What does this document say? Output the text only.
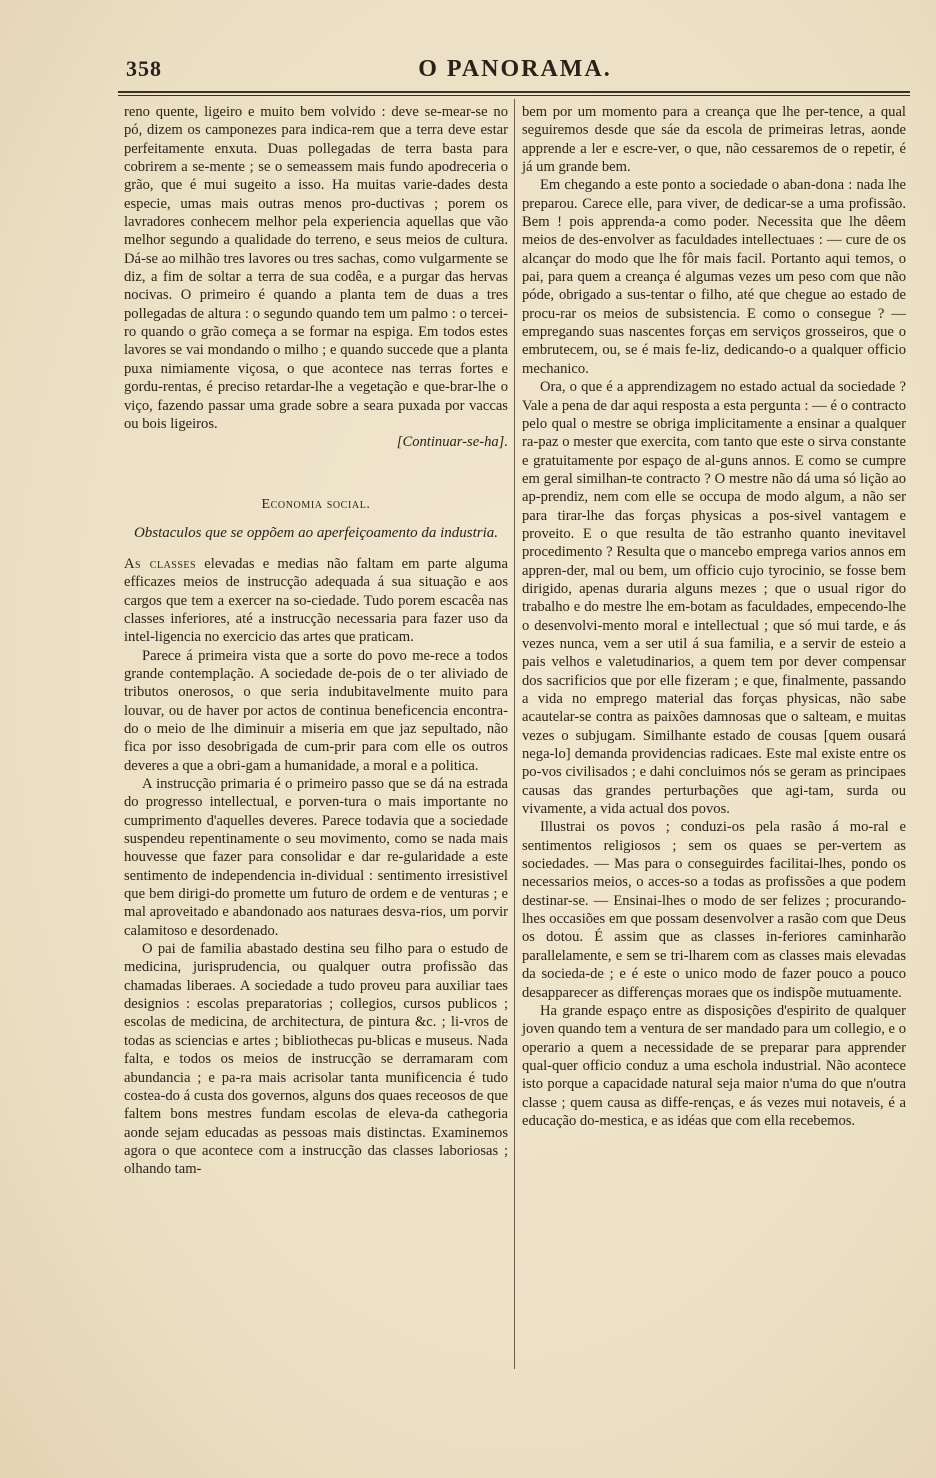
358	O PANORAMA.

reno quente, ligeiro e muito bem volvido : deve se-mear-se no pó, dizem os camponezes para indica-rem que a terra deve estar perfeitamente enxuta. Duas pollegadas de terra basta para cobrirem a se-mente ; se o semeassem mais fundo apodreceria o grão, que é mui sugeito a isso. Ha muitas varie-dades desta especie, umas mais outras menos pro-ductivas ; porem os lavradores conhecem melhor pela experiencia aquellas que vão melhor segundo a qualidade do terreno, e seus meios de cultura. Dá-se ao milhão tres lavores ou tres sachas, como vulgarmente se diz, a fim de soltar a terra de sua codêa, e a purgar das hervas nocivas. O primeiro é quando a planta tem de duas a tres pollegadas de altura : o segundo quando tem um palmo : o tercei-ro quando o grão começa a se formar na espiga. Em todos estes lavores se vai mondando o milho ; e quando succede que a planta puxa nimiamente viçosa, o que acontece nas terras fortes e gordu-rentas, é preciso retardar-lhe a vegetação e que-brar-lhe o viço, fazendo passar uma grade sobre a seara puxada por vaccas ou bois ligeiros.

[Continuar-se-ha].

Economia social.
Obstaculos que se oppõem ao aperfeiçoamento da industria.

As classes elevadas e medias não faltam em parte alguma efficazes meios de instrucção adequada á sua situação e aos cargos que tem a exercer na so-ciedade. Tudo porem escacêa nas classes inferiores, até a instrucção necessaria para fazer uso da intel-ligencia no exercicio das artes que praticam.

Parece á primeira vista que a sorte do povo me-rece a todos grande contemplação. A sociedade de-pois de o ter aliviado de tributos onerosos, o que seria indubitavelmente muito para louvar, ou de haver por actos de continua beneficencia encontra-do o meio de lhe diminuir a miseria em que jaz sepultado, não fica por isso desobrigada de cum-prir para com elle os outros deveres a que a obri-gam a humanidade, a moral e a politica.

A instrucção primaria é o primeiro passo que se dá na estrada do progresso intellectual, e porven-tura o mais importante no cumprimento d'aquelles deveres. Parece todavia que a sociedade suspendeu repentinamente o seu movimento, como se nada mais houvesse que fazer para consolidar e dar re-gularidade a este sentimento de independencia in-dividual : sentimento irresistivel que bem dirigi-do promette um futuro de ordem e de venturas ; e mal aproveitado e abandonado aos naturaes desva-rios, um porvir calamitoso e desordenado.

O pai de familia abastado destina seu filho para o estudo de medicina, jurisprudencia, ou qualquer outra profissão das chamadas liberaes. A sociedade a tudo proveu para auxiliar taes designios : escolas preparatorias ; collegios, cursos publicos ; escolas de medicina, de architectura, de pintura &c. ; li-vros de todas as sciencias e artes ; bibliothecas pu-blicas e museus. Nada falta, e todos os meios de instrucção se derramaram com abundancia ; e pa-ra mais acrisolar tanta munificencia é tudo costea-do á custa dos governos, alguns dos quaes receosos de que faltem bons mestres fundam escolas de eleva-da cathegoria aonde sejam educadas as pessoas mais distinctas. Examinemos agora o que acontece com a instrucção das classes laboriosas ; olhando tam-

bem por um momento para a creança que lhe per-tence, a qual seguiremos desde que sáe da escola de primeiras letras, aonde apprende a ler e escre-ver, o que, não cessaremos de o repetir, é já um grande bem.

Em chegando a este ponto a sociedade o aban-dona : nada lhe preparou. Carece elle, para viver, de dedicar-se a uma profissão. Bem ! pois apprenda-a como poder. Necessita que lhe dêem meios de des-envolver as faculdades intellectuaes : — cure de os alcançar do modo que lhe fôr mais facil. Portanto aqui temos, o pai, para quem a creança é algumas vezes um peso com que não póde, obrigado a sus-tentar o filho, até que chegue ao estado de procu-rar os meios de subsistencia. E como o consegue ? — empregando suas nascentes forças em serviços grosseiros, que o embrutecem, ou, se é mais fe-liz, dedicando-o a qualquer officio mechanico.

Ora, o que é a apprendizagem no estado actual da sociedade ? Vale a pena de dar aqui resposta a esta pergunta : — é o contracto pelo qual o mestre se obriga implicitamente a ensinar a qualquer ra-paz o mester que exercita, com tanto que este o sirva constante e gratuitamente por espaço de al-guns annos. E como se cumpre em geral similhan-te contracto ? O mestre não dá uma só lição ao ap-prendiz, nem com elle se occupa de modo algum, a não ser para tirar-lhe das forças physicas a pos-sivel vantagem e proveito. E o que resulta de tão estranho quanto inevitavel procedimento ? Resulta que o mancebo emprega varios annos em appren-der, mal ou bem, um officio cujo tyrocinio, se fosse bem dirigido, apenas duraria alguns mezes ; que o usual rigor do trabalho e do mestre lhe em-botam as faculdades, empecendo-lhe o desenvolvi-mento moral e intellectual ; que só mui tarde, e ás vezes nunca, vem a ser util á sua familia, e a servir de esteio a pais velhos e valetudinarios, a quem tem por dever compensar dos sacrificios que por elle fizeram ; e que, finalmente, passando a vida no emprego material das forças physicas, não sabe acautelar-se contra as paixões damnosas que o salteam, e muitas vezes o subjugam. Similhante estado de cousas [quem ousará nega-lo] demanda providencias radicaes. Este mal existe entre os po-vos civilisados ; e dahi concluimos nós se geram as principaes causas das grandes perturbações que agi-tam, surda ou vivamente, a vida actual dos povos.

Illustrai os povos ; conduzi-os pela rasão á mo-ral e sentimentos religiosos ; sem os quaes se per-vertem as sociedades. — Mas para o conseguirdes facilitai-lhes, pondo os necessarios meios, o acces-so a todas as profissões a que podem destinar-se. — Ensinai-lhes o modo de ser felizes ; procurando-lhes occasiões em que possam desenvolver a rasão com que Deus os dotou. É assim que as classes in-feriores caminharão parallelamente, e sem se tri-lharem com as classes mais elevadas da socieda-de ; e é este o unico modo de fazer pouco a pouco desapparecer as differenças moraes que os indispõe mutuamente.

Ha grande espaço entre as disposições d'espirito de qualquer joven quando tem a ventura de ser mandado para um collegio, e o operario a quem a necessidade de se preparar para apprender qual-quer officio conduz a uma eschola industrial. Não acontece isto porque a capacidade natural seja maior n'uma do que n'outra classe ; quem causa as diffe-renças, e ás vezes mui notaveis, é a educação do-mestica, e as idéas que com ella recebemos.
